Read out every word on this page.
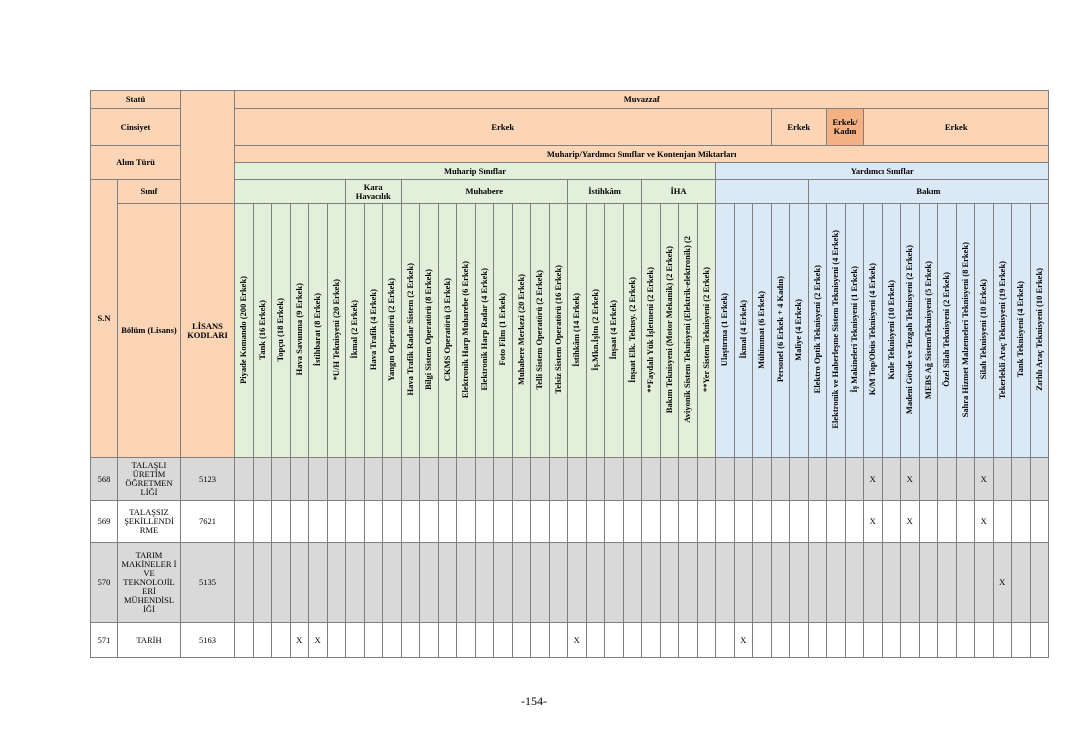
Statü			Muvazzaf																																											
Cinsiyet			Erkek																													Erkek			Erkek/ Kadın		Erkek									
Alım Türü			Muharip/Yardımcı Sınıflar ve Kontenjan Miktarları																																											
			Muharip Sınıflar																										Yardımcı Sınıflar																	
S.N	Sınıf								Kara Havacılık			Muhabere									İstihkâm				İHA									Bakım												
	Bölüm (Lisans)	LİSANS KODLARI	Piyade Komando (200 Erkek)	Tank (16 Erkek)	Topçu (18 Erkek)	Hava Savunma (9 Erkek)	İstihbarat (8 Erkek)	*U/H Teknisyeni (20 Erkek)	İkmal (2 Erkek)	Hava Trafik (4 Erkek)	Yangın Operatörü (2 Erkek)	Hava Trafik Radar Sistem (2 Erkek)	Bilgi Sistem Operatörü (8 Erkek)	CKMS Operatörü (3 Erkek)	Elektronik Harp Muharebe (6 Erkek)	Elektronik Harp Radar (4 Erkek)	Foto Film (1 Erkek)	Muhabere Merkezi (20 Erkek)	Telli Sistem Operatörü (2 Erkek)	Telsiz Sistem Operatörü (16 Erkek)	İstihkâm (14 Erkek)	İş.Mkn.İşltn (2 Erkek)	İnşaat (4 Erkek)	İnşaat Elk. Teknsy. (2 Erkek)	**Faydalı Yük İşletmeni (2 Erkek)	Bakım Teknisyeni (Motor Mekanik) (2 Erkek)	Aviyonik Sistem Teknisyeni (Elektrik-elektronik) (2	**Yer Sistem Teknisyeni (2 Erkek)	Ulaştırma (1 Erkek)	İkmal (4 Erkek)	Mühimmat (6 Erkek)	Personel (6 Erkek + 4 Kadın)	Maliye (4 Erkek)	Elektro Optik Teknisyeni (2 Erkek)	Elektronik ve Haberleşme Sistem Teknisyeni (4 Erkek)	İş Makineleri Teknisyeni (1 Erkek)	K/M Top/Obüs Teknisyeni (4 Erkek)	Kule Teknisyeni (10 Erkek)	Madeni Gövde ve Tezgah Teknisyeni (2 Erkek)	MEBS Ağ SistemTeknisyeni (5 Erkek)	Özel Silah Teknisyeni (2 Erkek)	Sahra Hizmet Malzemeleri Teknisyeni (8 Erkek)	Silah Teknisyeni (10 Erkek)	Tekerlekli Araç Teknisyeni (19 Erkek)	Tank Teknisyeni (4 Erkek)	Zırhlı Araç Teknisyeni (10 Erkek)
568	TALAŞLI ÜRETİM ÖĞRETMEN LİĞİ	5123																																			X		X				X			
569	TALAŞSIZ ŞEKİLLENDİ RME	7621																																			X		X				X			
570	TARIM MAKİNELER İ VE TEKNOLOJİL ERİ MÜHENDİSL İĞİ	5135																																										X		
571	TARİH	5163				X	X														X									X																
-154-
